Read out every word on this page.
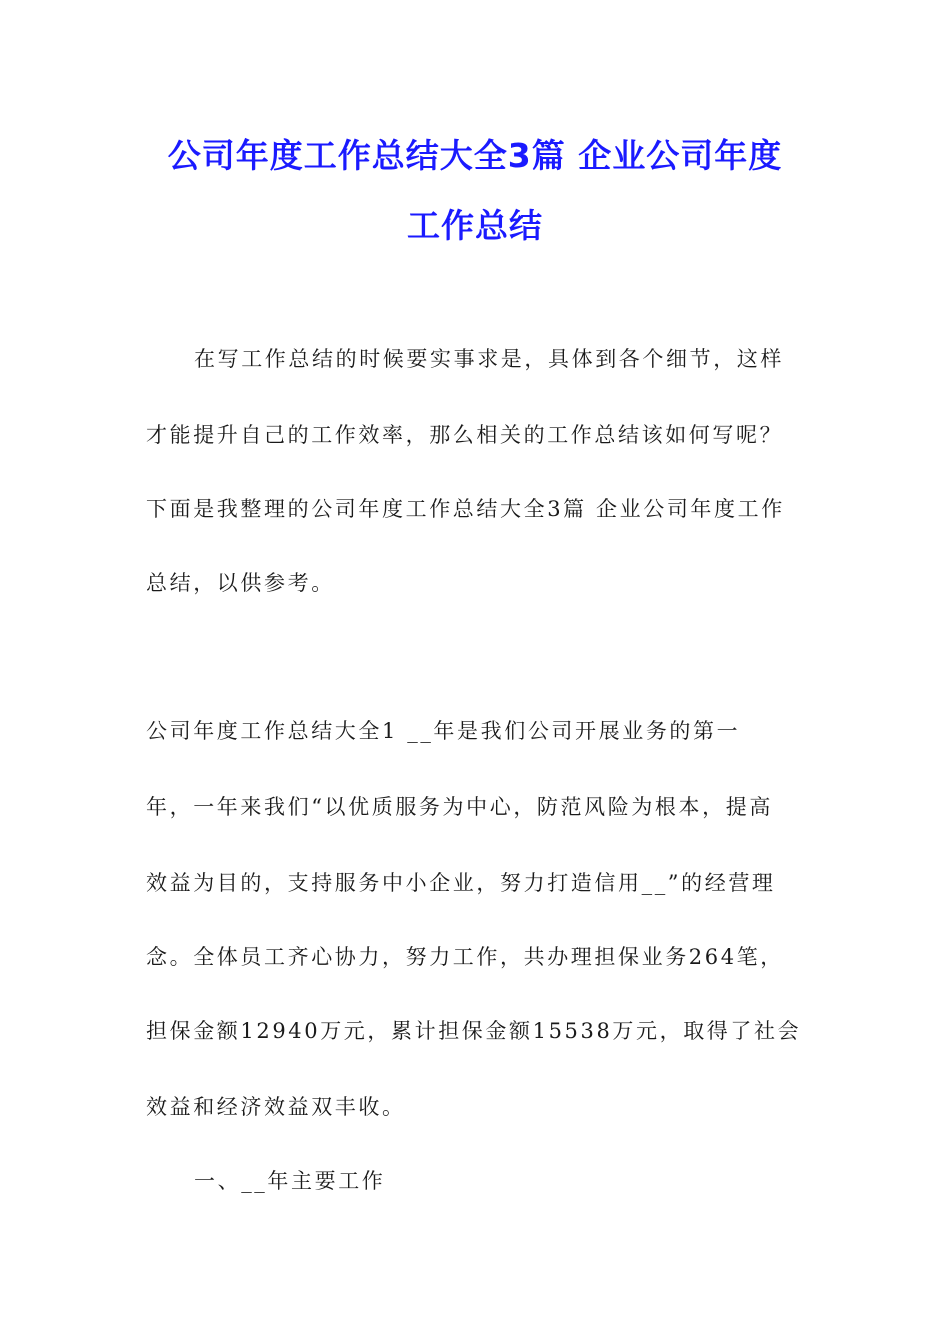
公司年度工作总结大全3篇 企业公司年度
工作总结
在写工作总结的时候要实事求是，具体到各个细节，这样
才能提升自己的工作效率，那么相关的工作总结该如何写呢？
下面是我整理的公司年度工作总结大全3篇 企业公司年度工作
总结，以供参考。
公司年度工作总结大全1 __年是我们公司开展业务的第一
年，一年来我们“以优质服务为中心，防范风险为根本，提高
效益为目的，支持服务中小企业，努力打造信用__”的经营理
念。全体员工齐心协力，努力工作，共办理担保业务264笔，
担保金额12940万元，累计担保金额15538万元，取得了社会
效益和经济效益双丰收。
一、__年主要工作
